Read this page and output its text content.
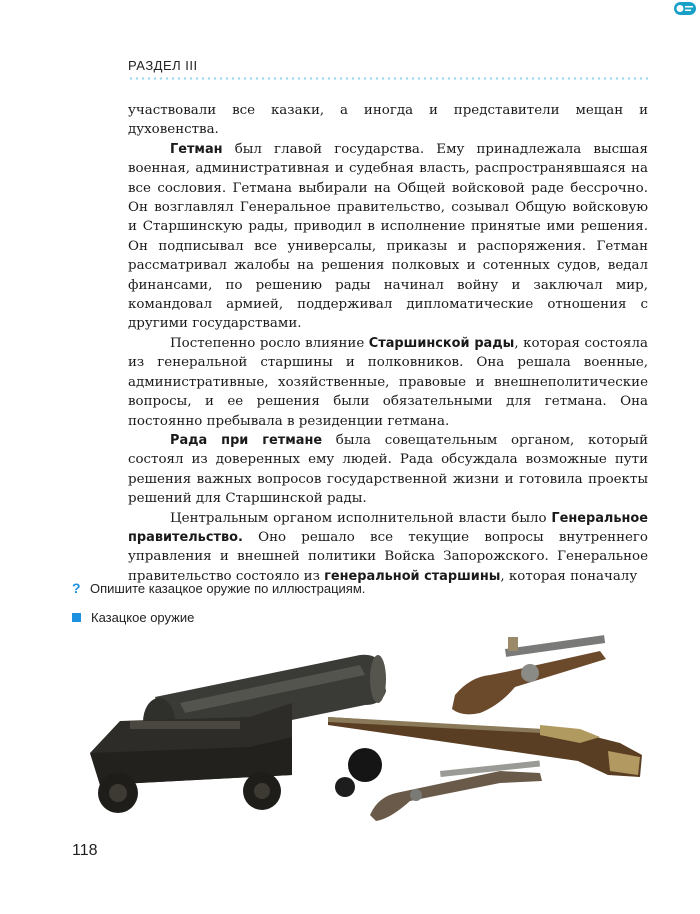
РАЗДЕЛ III

участвовали все казаки, а иногда и представители мещан и духовенства.

Гетман был главой государства. Ему принадлежала высшая военная, административная и судебная власть, распространявшаяся на все сословия. Гетмана выбирали на Общей войсковой раде бессрочно. Он возглавлял Генеральное правительство, созывал Общую войсковую и Старшинскую рады, приводил в исполнение принятые ими решения. Он подписывал все универсалы, приказы и распоряжения. Гетман рассматривал жалобы на решения полковых и сотенных судов, ведал финансами, по решению рады начинал войну и заключал мир, командовал армией, поддерживал дипломатические отношения с другими государствами.

Постепенно росло влияние Старшинской рады, которая состояла из генеральной старшины и полковников. Она решала военные, административные, хозяйственные, правовые и внешнеполитические вопросы, и ее решения были обязательными для гетмана. Она постоянно пребывала в резиденции гетмана.

Рада при гетмане была совещательным органом, который состоял из доверенных ему людей. Рада обсуждала возможные пути решения важных вопросов государственной жизни и готовила проекты решений для Старшинской рады.

Центральным органом исполнительной власти было Генеральное правительство. Оно решало все текущие вопросы внутреннего управления и внешней политики Войска Запорожского. Генеральное правительство состояло из генеральной старшины, которая поначалу

? Опишите казацкое оружие по иллюстрациям.
Казацкое оружие
118
